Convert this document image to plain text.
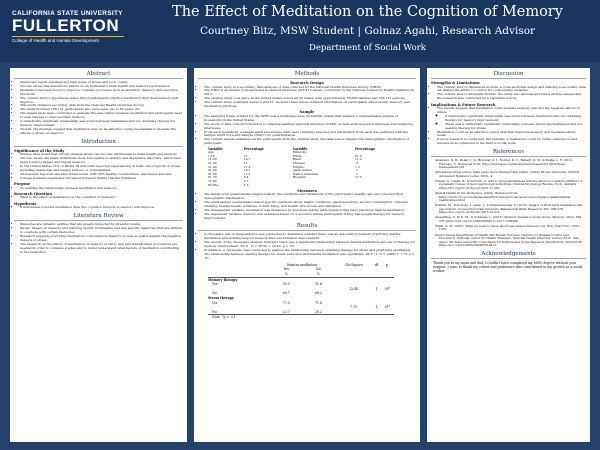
CALIFORNIA STATE UNIVERSITY
FULLERTON
College of Health and Human Development
The Effect of Meditation on the Cognition of Memory
Courtney Bitz, MSW Student | Golnaz Agahi, Research Advisor
Department of Social Work
Abstract
• Americans report experiencing high levels of stress and poor coping.
• Chronic stress has deleterious effects on an individual's brain health and memory performance.
• Meditation has been found to improve cognitive processes such as attention, memory, and executive functions.
• The current study's hypothesis states that if participants practice meditation then their memory will improve.
• This study obtained secondary data from the National Health Interview Survey.
• The study included 108,131 participants who were ages one to 85 years old.
• Chi-square tests were conducted to evaluate the association between meditation and participants need to seek therapy to improve their memory.
• A statistically significant relationship was found between meditation and not obtaining therapy for memory improvement.
• Overall, the findings suggest that meditation may be an effective coping mechanism to mediate the effects of stress on memory.
Introduction
Significance of the Study
• Studies have found that chronic intense stress can become detrimental to brain health and memory.
• Chronic stress can make individuals more susceptible to anxiety and depressive disorders, which have been found to impact and impair memory.
• In the United States 71% of adults 18 and older reported experiencing at least one symptom of stress, including headaches and feeling anxious or overwhelmed.
• Adolescents reported elevated stress levels, with 30% feeling overwhelmed, depressed, and sad.
• College students experience increased stressors during this life transition.
Purpose
• To examine the relationship between meditation and memory.
Research Question
• What is the effect of meditation on the cognition of memory?
Hypothesis
• If individuals practice meditation then the cognitive function of memory will improve.
Literature Review
• Memories are dynamic entities that are greatly impacted by stressful events.
• Stress' impact on memory and learning results in inflexible and less specific memories that are difficult to conclude with certain memories.
• Research suggests practicing meditation could improve memory as well as guard against the negative impacts of stress.
• The research on the effects of meditation on memory in fairly new and standardized procedures are needed in order to compare studies and to better understand what factors of meditation contributing to the memories.
Methods
Research Design
• The current study is a secondary data analysis of data collected by the National Health Interview Survey (NHIS).
• The NHIS is an annual cross-sectional household interview with 475 waves, conducted by the National Center for Health Statistics in 2012.
• The original study took place in the United States across all 50 states, with approximately 35,000 families and 108,131 persons.
• The current study examined waves 3 and 11, because these waves obtained information on participants stress levels, memory, and meditation practices.
Sample
• The sampling frame utilized for the NHIS was a multistage area probability design that enabled a representative sample of households in the United States.
• The mode of data collection included a computer-assisted personal interview (CAPI), as well as an in-person interview and telephone interviews.
• From each household, a sample adult and sample child were randomly selected and information from each was gathered with the Sample Adult Core and Sample Child Core questionnaires.
• The current sample examined all the participants from the original study, the table below displays the demographic information of participant.
Variable	Percentage	Variable	Percentage
Age		Ethnicity	
1-10	11	White	51.5
11-20	10.7	Black	11.3
21-30	11	Chinese	.3
31-40	11.4	Filipino	1.2
41-50	10.1	Asian Indian	.1
51-60	11.3	Native American	.1
61-70	8.4	Hispanic	17.5
71-80	3.7		
80-85+	1.5		
Measures
• The family level questionnaire inquired about the conditions and limitations of the participant's health care and collected their demographic information.
• The adult sample questionnaire asked specific questions about health conditions, physical activity, alcohol consumption, cigarette smoking, mental health, activities of daily living, and health care access and utilization.
• The independent variable, meditation was measured by questions asking participants if they have practiced mantra meditation.
• The dependent variable, memory was evaluated based on a question asking participants if they had sought therapy for memory improvement.
Results
• A chi-square test of independence was conducted to determine whether there was an association between practicing mantra meditation and seeking help for memory and concentration improvement.
• The results of the chi-square analysis indicated there was a significant relationship between mantra meditation and use of therapy for memory improvement, X2 (1, N = 2070) = 12.40, p < .05.
• In addition, a chi-square was conducted to analyze the relationship between obtaining therapy for stress and practicing meditation. The relationship between seeking therapy for stress reduction and mantra meditation was significant, X2 = (1, N = 2068) = 7.75, p < .01.
	Mantra meditation		Chi-Square	df	p
	Yes	No			
	%	%			
Memory therapy					
Yes	39.5	31.8			
			12.40	1	.00*
No	60.7	68.2			
Stress therapy					
Yes	77.3	71.8			
			7.75	1	.01*
No	22.7	28.2			
Note: *p < .01					
Discussion
Strengths & Limitations
• The current study's limitations include: a cross-sectional design and utilizing a secondary-data set limited the ability to control for confounding variables.
• The current study's strengths include: the study was national and had a diverse sample and the research was conducted by a reputable source.
Implications & Future Research
• The results suggest that meditation could mediate memory loss and the negative effects of stress.
◦ A statistically significant relationship was found between meditation and not obtaining therapy for memory improvement.
◦ There was a statistically significant relationship between practicing meditation and not seeking therapy for stress.
• Meditation could be an effective coping skill that improves memory and mediates stress levels.
• If more research is conducted, the benefits of meditation could be better understood and become more optimized in the field of social work.
References
Anderson, N. B., Belar, C. D., Breckler, S. J., Nordal, K. C., Ballard, D. W., & Bufka, L. F. (2013, February 7). Retrieved from: https://www.apa.org/news/press/releases/2013/02/stress-management.pdf
APA annual stress survey finds teens more stressed than adults. (2014). Brown University Child & Adolescent Behavior Letter, 30(4), 4.
Chiesa, A., Calati, R., & Serretti, A. (2011). Does mindfulness training improve cognitive abilities? A systematic review of neuropsychological findings. Clinical Psychology Review, 31(3), 449-464. https://doi.org/10.1016/j.cpr.2010.11.003
Mental Health in the Workplace. (2018). Retrieved from: https://www.cdc.gov/workplacehealthpromotion/tools-resources/workplace-health/mental-health/index.html
Prakriti, M., Kosowsky, J., Gaab, J., & Krummenacher, P. (2016). Impact of short-term meditation and expectation on executive brain functions. Behavioural Brain Research, 297, 268-276. https://doi.org/10.1016/j.bbr.2015.10.012
Quaedflieg, C. W. E. M., & Schwabe, L. (2018). Memory dynamics under stress. Memory, 26(3), 364-376. https://doi.org/10.1080/09658211.2017.1338299
Snaid, G. M. (2002). What we need to know about age related memory loss. Bmj, 324(7352), 1502-1505.
United States Department of Health and Human Services. Centers for Disease Control and Prevention. National Center for Health Statistics. National Health Interview Survey, 2012. Ann Arbor, MI: Inter-university Consortium for Political and Social Research [distributor], 2016-08-05. https://doi.org/10.3886/ICPSR36144.v1
Acknowledgements

Thank you to my mom and dad, I couldn't have completed my MSW degree without your support. I want to thank my cohort and professors who contributed to my growth as a social worker.
